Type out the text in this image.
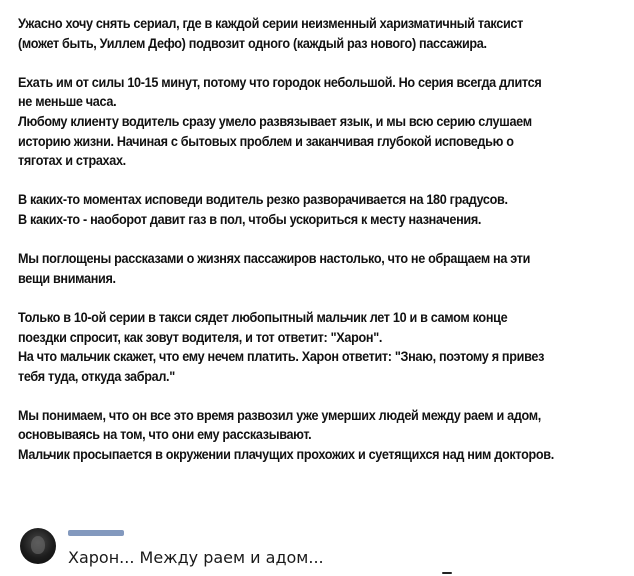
Ужасно хочу снять сериал, где в каждой серии неизменный харизматичный таксист
(может быть, Уиллем Дефо) подвозит одного (каждый раз нового) пассажира.
Ехать им от силы 10-15 минут, потому что городок небольшой. Но серия всегда длится
не меньше часа.
Любому клиенту водитель сразу умело развязывает язык, и мы всю серию слушаем
историю жизни. Начиная с бытовых проблем и заканчивая глубокой исповедью о
тяготах и страхах.
В каких-то моментах исповеди водитель резко разворачивается на 180 градусов.
В каких-то - наоборот давит газ в пол, чтобы ускориться к месту назначения.
Мы поглощены рассказами о жизнях пассажиров настолько, что не обращаем на эти
вещи внимания.
Только в 10-ой серии в такси сядет любопытный мальчик лет 10 и в самом конце
поездки спросит, как зовут водителя, и тот ответит: "Харон".
На что мальчик скажет, что ему нечем платить. Харон ответит: "Знаю, поэтому я привез
тебя туда, откуда забрал."
Мы понимаем, что он все это время развозил уже умерших людей между раем и адом,
основываясь на том, что они ему рассказывают.
Мальчик просыпается в окружении плачущих прохожих и суетящихся над ним докторов.
Харон... Между раем и адом...
